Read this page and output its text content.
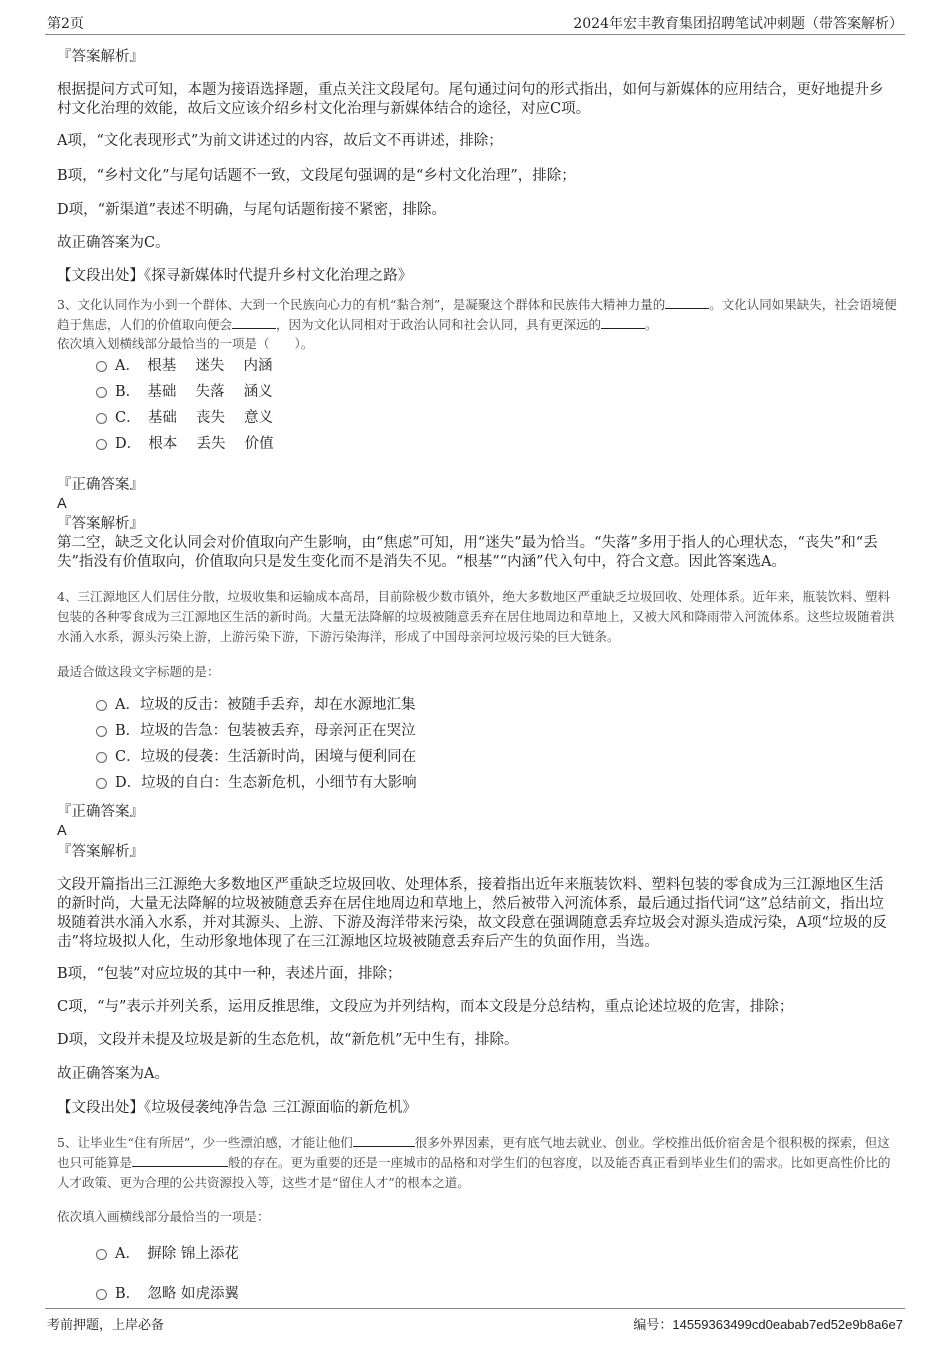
第2页	2024年宏丰教育集团招聘笔试冲刺题（带答案解析）
『答案解析』
根据提问方式可知，本题为接语选择题，重点关注文段尾句。尾句通过问句的形式指出，如何与新媒体的应用结合，更好地提升乡村文化治理的效能，故后文应该介绍乡村文化治理与新媒体结合的途径，对应C项。
A项，“文化表现形式”为前文讲述过的内容，故后文不再讲述，排除；
B项，“乡村文化”与尾句话题不一致，文段尾句强调的是“乡村文化治理”，排除；
D项，“新渠道”表述不明确，与尾句话题衔接不紧密，排除。
故正确答案为C。
【文段出处】《探寻新媒体时代提升乡村文化治理之路》
3、文化认同作为小到一个群体、大到一个民族向心力的有机“黏合剂”，是凝聚这个群体和民族伟大精神力量的	。文化认同如果缺失，社会语境便趋于焦虑，人们的价值取向便会	，因为文化认同相对于政治认同和社会认同，具有更深远的	。
依次填入划横线部分最恰当的一项是（　　）。
A．　根基　 迷失　 内涵
B．　基础　 失落　 涵义
C．　基础　 丧失　 意义
D．　根本　 丢失　 价值
『正确答案』
A
『答案解析』
第二空，缺乏文化认同会对价值取向产生影响，由“焦虑”可知，用“迷失”最为恰当。“失落”多用于指人的心理状态，“丧失”和“丢失”指没有价值取向，价值取向只是发生变化而不是消失不见。“根基”“内涵”代入句中，符合文意。因此答案选A。
4、三江源地区人们居住分散，垃圾收集和运输成本高昂，目前除极少数市镇外，绝大多数地区严重缺乏垃圾回收、处理体系。近年来，瓶装饮料、塑料包装的各种零食成为三江源地区生活的新时尚。大量无法降解的垃圾被随意丢弃在居住地周边和草地上，又被大风和降雨带入河流体系。这些垃圾随着洪水涌入水系，源头污染上游，上游污染下游，下游污染海洋，形成了中国母亲河垃圾污染的巨大链条。
最适合做这段文字标题的是：
A．垃圾的反击：被随手丢弃，却在水源地汇集
B．垃圾的告急：包装被丢弃，母亲河正在哭泣
C．垃圾的侵袭：生活新时尚，困境与便利同在
D．垃圾的自白：生态新危机，小细节有大影响
『正确答案』
A
『答案解析』
文段开篇指出三江源绝大多数地区严重缺乏垃圾回收、处理体系，接着指出近年来瓶装饮料、塑料包装的零食成为三江源地区生活的新时尚，大量无法降解的垃圾被随意丢弃在居住地周边和草地上，然后被带入河流体系，最后通过指代词“这”总结前文，指出垃圾随着洪水涌入水系，并对其源头、上游、下游及海洋带来污染，故文段意在强调随意丢弃垃圾会对源头造成污染，A项“垃圾的反击”将垃圾拟人化，生动形象地体现了在三江源地区垃圾被随意丢弃后产生的负面作用，当选。
B项，“包装”对应垃圾的其中一种，表述片面，排除；
C项，“与”表示并列关系，运用反推思维，文段应为并列结构，而本文段是分总结构，重点论述垃圾的危害，排除；
D项，文段并未提及垃圾是新的生态危机，故“新危机”无中生有，排除。
故正确答案为A。
【文段出处】《垃圾侵袭纯净告急 三江源面临的新危机》
5、让毕业生“住有所居”，少一些漂泊感，才能让他们	很多外界因素，更有底气地去就业、创业。学校推出低价宿舍是个很积极的探索，但这也只可能算是	般的存在。更为重要的还是一座城市的品格和对学生们的包容度，以及能否真正看到毕业生们的需求。比如更高性价比的人才政策、更为合理的公共资源投入等，这些才是“留住人才”的根本之道。
依次填入画横线部分最恰当的一项是：
A．　摒除 锦上添花
B．　忽略 如虎添翼
考前押题，上岸必备	编号：14559363499cd0eabab7ed52e9b8a6e7
